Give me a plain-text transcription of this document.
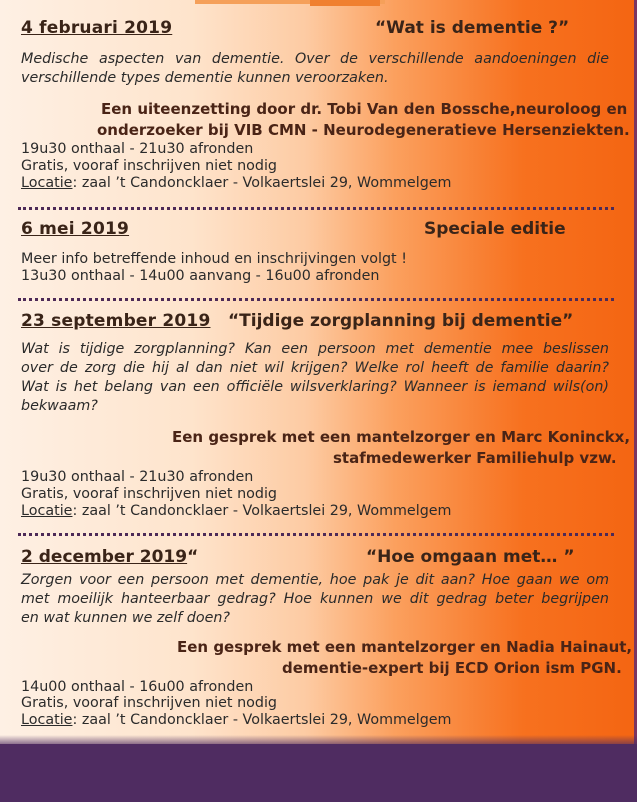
4 februari 2019	“Wat is dementie ?”
Medische aspecten van dementie. Over de verschillende aandoeningen die
verschillende types dementie kunnen veroorzaken.
Een uiteenzetting door dr. Tobi Van den Bossche,neuroloog en
onderzoeker bij VIB CMN - Neurodegeneratieve Hersenziekten.
19u30 onthaal - 21u30 afronden
Gratis, vooraf inschrijven niet nodig
Locatie: zaal ’t Candoncklaer - Volkaertslei 29, Wommelgem
6 mei 2019	Speciale editie
Meer info betreffende inhoud en inschrijvingen volgt !
13u30 onthaal - 14u00 aanvang - 16u00 afronden
23 september 2019 “Tijdige zorgplanning bij dementie”
Wat is tijdige zorgplanning? Kan een persoon met dementie mee beslissen
over de zorg die hij al dan niet wil krijgen? Welke rol heeft de familie daarin?
Wat is het belang van een officiële wilsverklaring? Wanneer is iemand wils(on)
bekwaam?
Een gesprek met een mantelzorger en Marc Koninckx,
stafmedewerker Familiehulp vzw.
19u30 onthaal - 21u30 afronden
Gratis, vooraf inschrijven niet nodig
Locatie: zaal ’t Candoncklaer - Volkaertslei 29, Wommelgem
2 december 2019“	“Hoe omgaan met… ”
Zorgen voor een persoon met dementie, hoe pak je dit aan? Hoe gaan we om
met moeilijk hanteerbaar gedrag? Hoe kunnen we dit gedrag beter begrijpen
en wat kunnen we zelf doen?
Een gesprek met een mantelzorger en Nadia Hainaut,
dementie-expert bij ECD Orion ism PGN.
14u00 onthaal - 16u00 afronden
Gratis, vooraf inschrijven niet nodig
Locatie: zaal ’t Candoncklaer - Volkaertslei 29, Wommelgem
